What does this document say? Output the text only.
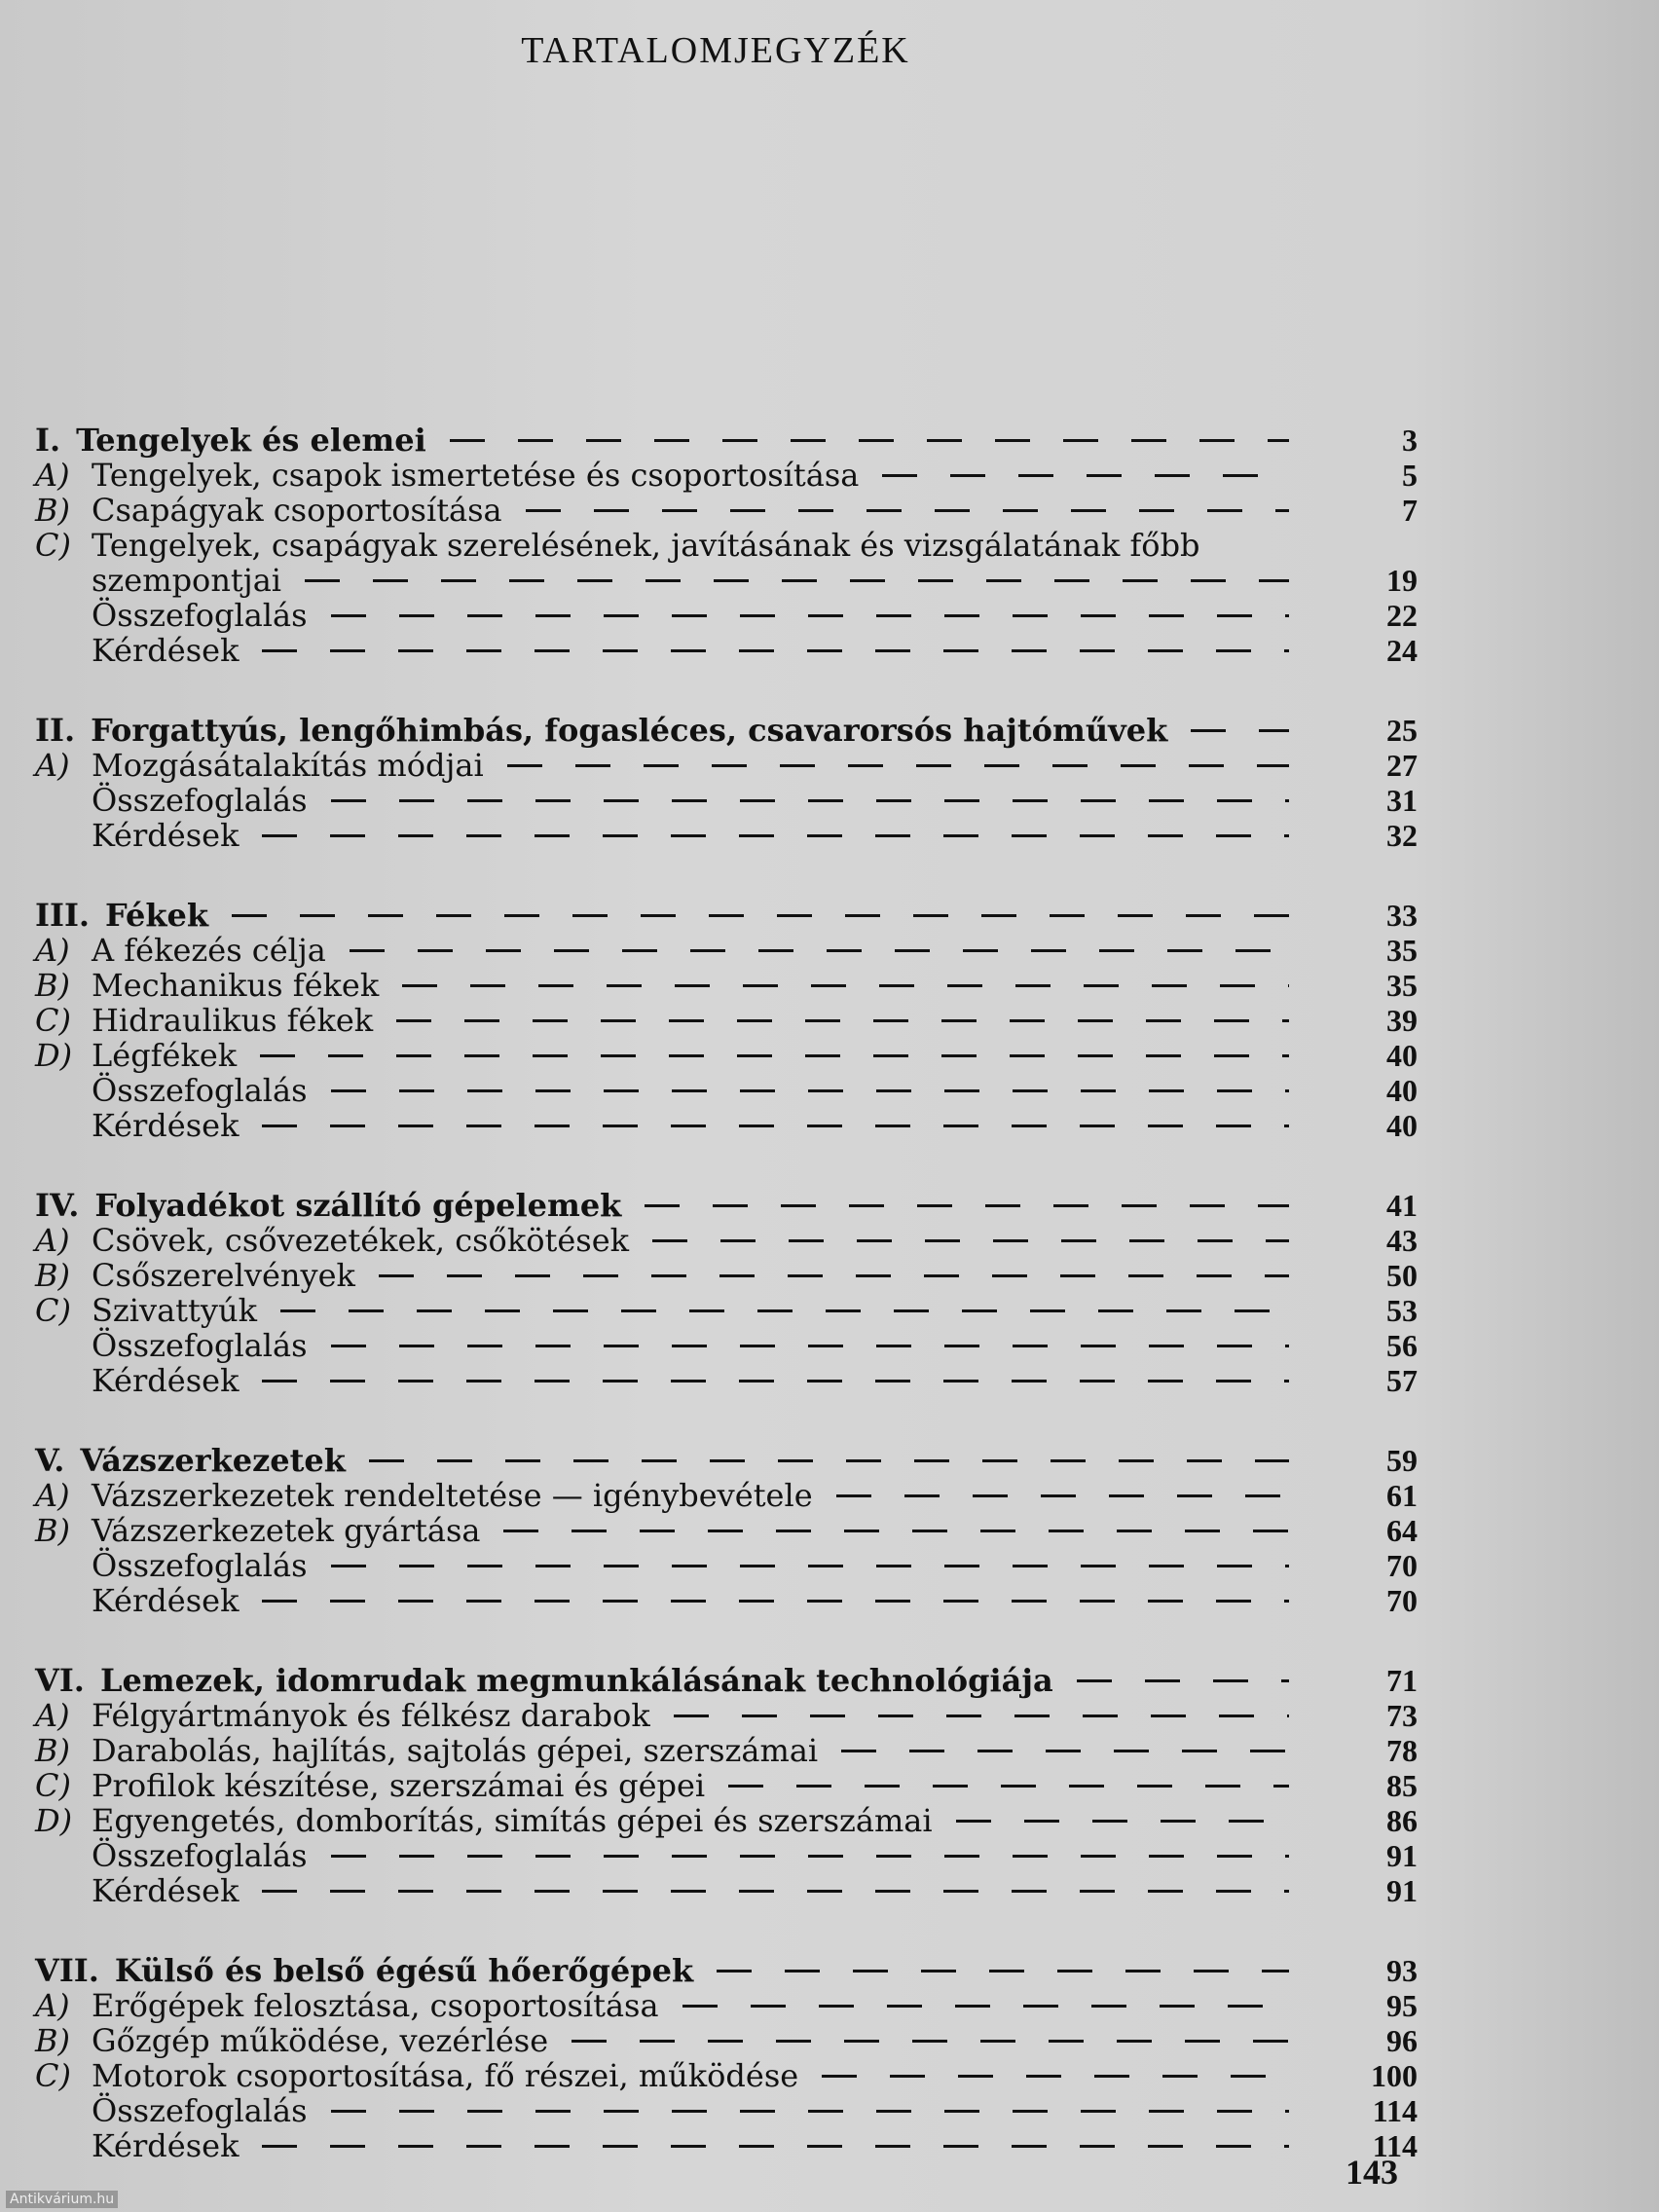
TARTALOMJEGYZÉK
I. Tengelyek és elemei	3
A) Tengelyek, csapok ismertetése és csoportosítása	5
B) Csapágyak csoportosítása	7
C) Tengelyek, csapágyak szerelésének, javításának és vizsgálatának főbb
szempontjai	19
Összefoglalás	22
Kérdések	24
II. Forgattyús, lengőhimbás, fogasléces, csavarorsós hajtóművek	25
A) Mozgásátalakítás módjai	27
Összefoglalás	31
Kérdések	32
III. Fékek	33
A) A fékezés célja	35
B) Mechanikus fékek	35
C) Hidraulikus fékek	39
D) Légfékek	40
Összefoglalás	40
Kérdések	40
IV. Folyadékot szállító gépelemek	41
A) Csövek, csővezetékek, csőkötések	43
B) Csőszerelvények	50
C) Szivattyúk	53
Összefoglalás	56
Kérdések	57
V. Vázszerkezetek	59
A) Vázszerkezetek rendeltetése — igénybevétele	61
B) Vázszerkezetek gyártása	64
Összefoglalás	70
Kérdések	70
VI. Lemezek, idomrudak megmunkálásának technológiája	71
A) Félgyártmányok és félkész darabok	73
B) Darabolás, hajlítás, sajtolás gépei, szerszámai	78
C) Profilok készítése, szerszámai és gépei	85
D) Egyengetés, domborítás, simítás gépei és szerszámai	86
Összefoglalás	91
Kérdések	91
VII. Külső és belső égésű hőerőgépek	93
A) Erőgépek felosztása, csoportosítása	95
B) Gőzgép működése, vezérlése	96
C) Motorok csoportosítása, fő részei, működése	100
Összefoglalás	114
Kérdések	114
143
Antikvárium.hu
